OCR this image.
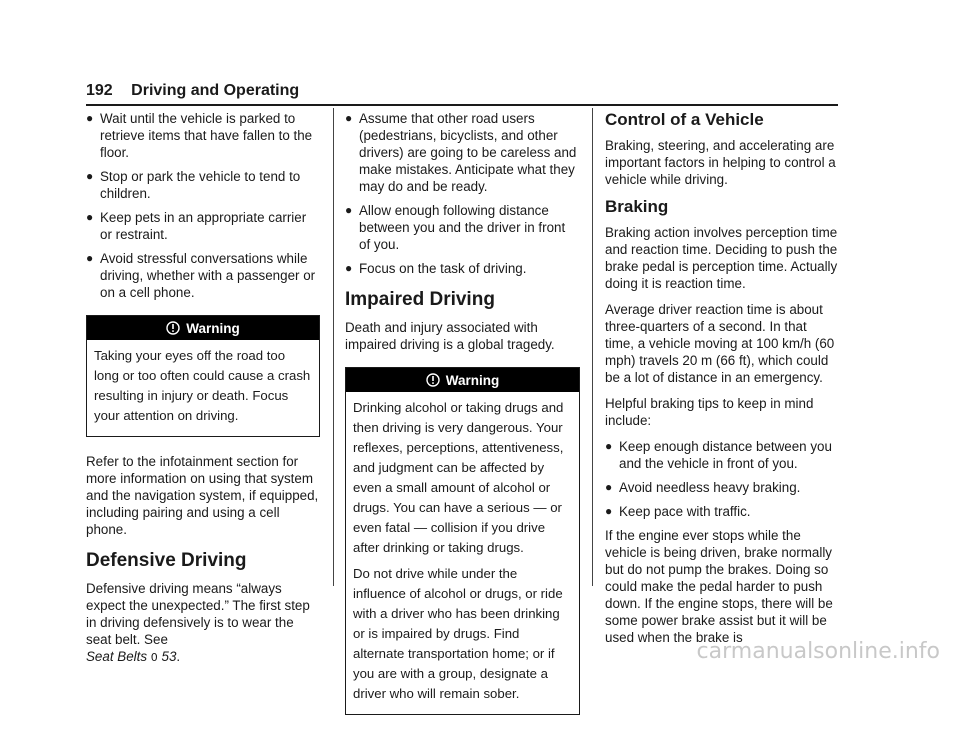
192 Driving and Operating
● Wait until the vehicle is parked to retrieve items that have fallen to the floor.
● Stop or park the vehicle to tend to children.
● Keep pets in an appropriate carrier or restraint.
● Avoid stressful conversations while driving, whether with a passenger or on a cell phone.
Warning

Taking your eyes off the road too long or too often could cause a crash resulting in injury or death. Focus your attention on driving.

Refer to the infotainment section for more information on using that system and the navigation system, if equipped, including pairing and using a cell phone.

Defensive Driving

Defensive driving means “always expect the unexpected.” The first step in driving defensively is to wear the seat belt. See
Seat Belts 0 53.

● Assume that other road users (pedestrians, bicyclists, and other drivers) are going to be careless and make mistakes. Anticipate what they may do and be ready.
● Allow enough following distance between you and the driver in front of you.
● Focus on the task of driving.
Impaired Driving

Death and injury associated with impaired driving is a global tragedy.

Warning

Drinking alcohol or taking drugs and then driving is very dangerous. Your reflexes, perceptions, attentiveness, and judgment can be affected by even a small amount of alcohol or drugs. You can have a serious — or even fatal — collision if you drive after drinking or taking drugs.

Do not drive while under the influence of alcohol or drugs, or ride with a driver who has been drinking or is impaired by drugs. Find alternate transportation home; or if you are with a group, designate a driver who will remain sober.

Control of a Vehicle

Braking, steering, and accelerating are important factors in helping to control a vehicle while driving.

Braking

Braking action involves perception time and reaction time. Deciding to push the brake pedal is perception time. Actually doing it is reaction time.

Average driver reaction time is about three-quarters of a second. In that time, a vehicle moving at 100 km/h (60 mph) travels 20 m (66 ft), which could be a lot of distance in an emergency.

Helpful braking tips to keep in mind include:

● Keep enough distance between you and the vehicle in front of you.
● Avoid needless heavy braking.
● Keep pace with traffic.

If the engine ever stops while the vehicle is being driven, brake normally but do not pump the brakes. Doing so could make the pedal harder to push down. If the engine stops, there will be some power brake assist but it will be used when the brake is

carmanualsonline.info
